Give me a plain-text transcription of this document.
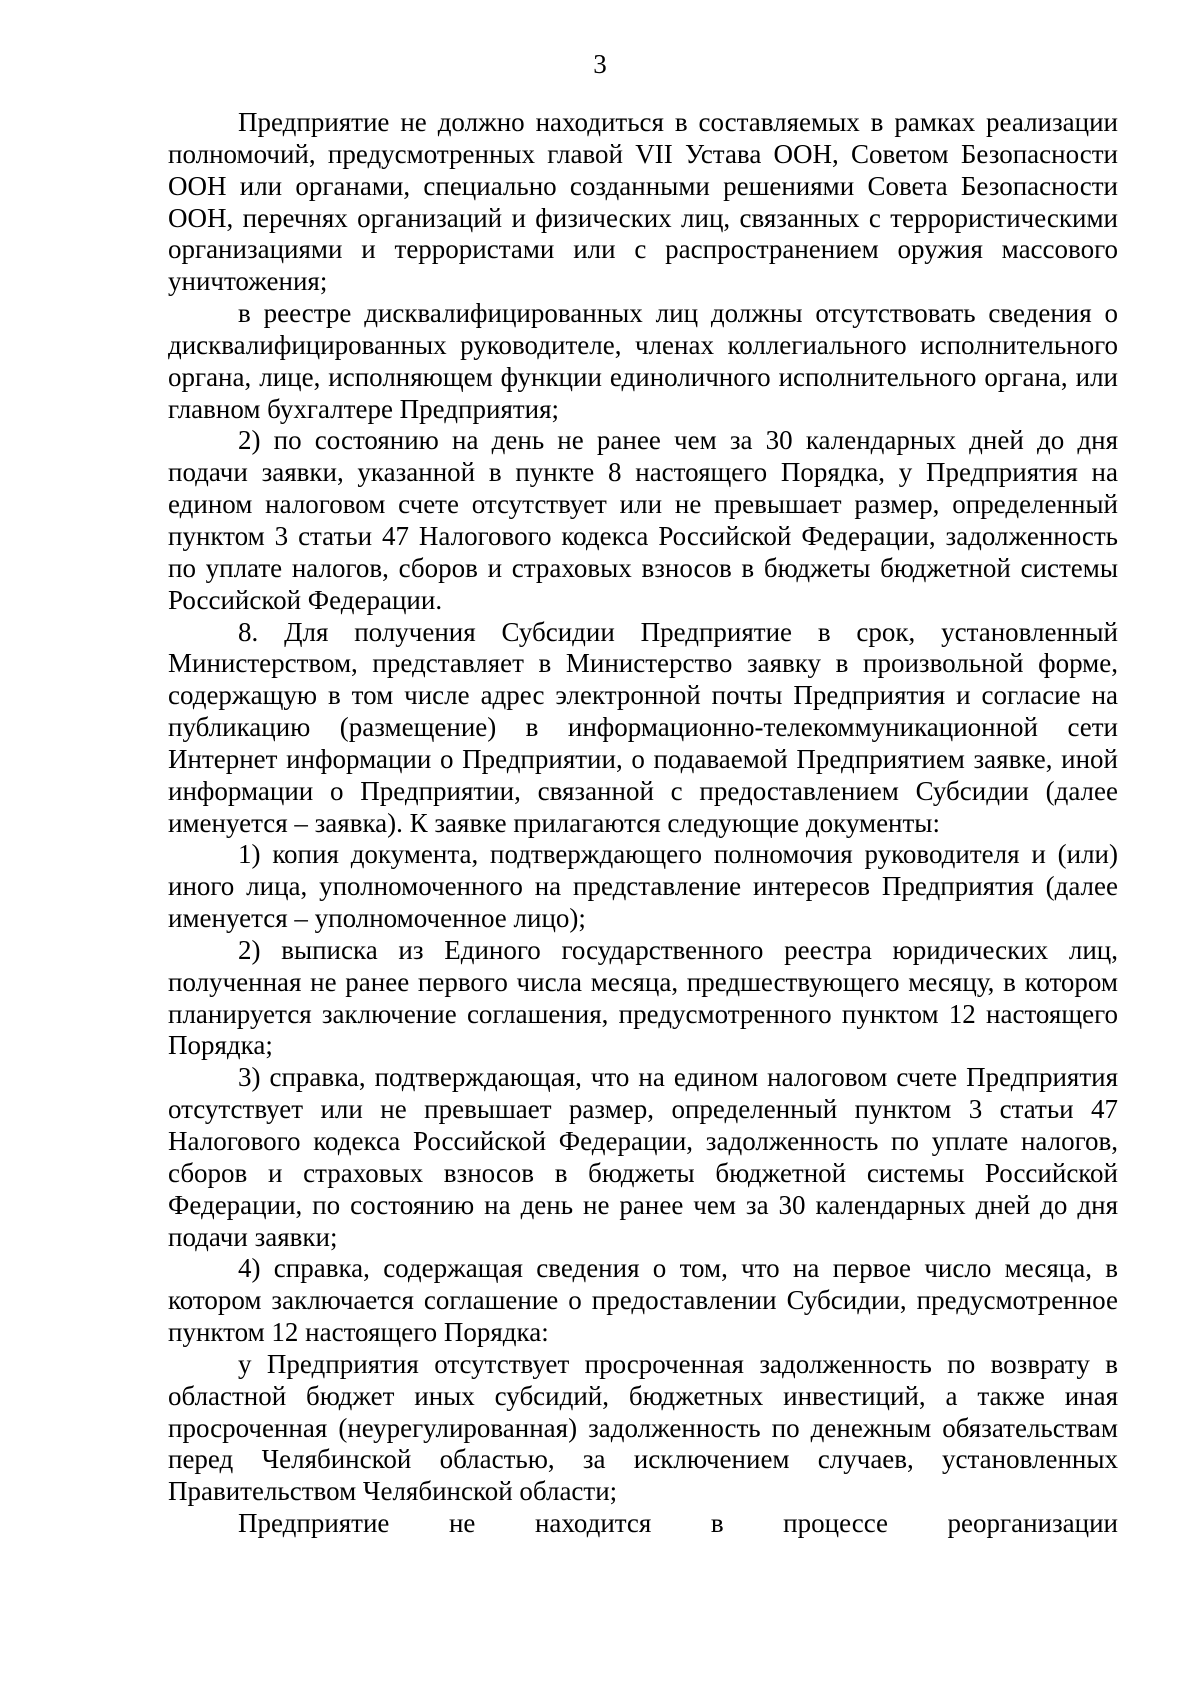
3

Предприятие не должно находиться в составляемых в рамках реализации полномочий, предусмотренных главой VII Устава ООН, Советом Безопасности ООН или органами, специально созданными решениями Совета Безопасности ООН, перечнях организаций и физических лиц, связанных с террористическими организациями и террористами или с распространением оружия массового уничтожения;

в реестре дисквалифицированных лиц должны отсутствовать сведения о дисквалифицированных руководителе, членах коллегиального исполнительного органа, лице, исполняющем функции единоличного исполнительного органа, или главном бухгалтере Предприятия;

2) по состоянию на день не ранее чем за 30 календарных дней до дня подачи заявки, указанной в пункте 8 настоящего Порядка, у Предприятия на едином налоговом счете отсутствует или не превышает размер, определенный пунктом 3 статьи 47 Налогового кодекса Российской Федерации, задолженность по уплате налогов, сборов и страховых взносов в бюджеты бюджетной системы Российской Федерации.

8. Для получения Субсидии Предприятие в срок, установленный Министерством, представляет в Министерство заявку в произвольной форме, содержащую в том числе адрес электронной почты Предприятия и согласие на публикацию (размещение) в информационно-телекоммуникационной сети Интернет информации о Предприятии, о подаваемой Предприятием заявке, иной информации о Предприятии, связанной с предоставлением Субсидии (далее именуется – заявка). К заявке прилагаются следующие документы:

1) копия документа, подтверждающего полномочия руководителя и (или) иного лица, уполномоченного на представление интересов Предприятия (далее именуется – уполномоченное лицо);

2) выписка из Единого государственного реестра юридических лиц, полученная не ранее первого числа месяца, предшествующего месяцу, в котором планируется заключение соглашения, предусмотренного пунктом 12 настоящего Порядка;

3) справка, подтверждающая, что на едином налоговом счете Предприятия отсутствует или не превышает размер, определенный пунктом 3 статьи 47 Налогового кодекса Российской Федерации, задолженность по уплате налогов, сборов и страховых взносов в бюджеты бюджетной системы Российской Федерации, по состоянию на день не ранее чем за 30 календарных дней до дня подачи заявки;

4) справка, содержащая сведения о том, что на первое число месяца, в котором заключается соглашение о предоставлении Субсидии, предусмотренное пунктом 12 настоящего Порядка:

у Предприятия отсутствует просроченная задолженность по возврату в областной бюджет иных субсидий, бюджетных инвестиций, а также иная просроченная (неурегулированная) задолженность по денежным обязательствам перед Челябинской областью, за исключением случаев, установленных Правительством Челябинской области;

Предприятие не находится в процессе реорганизации
